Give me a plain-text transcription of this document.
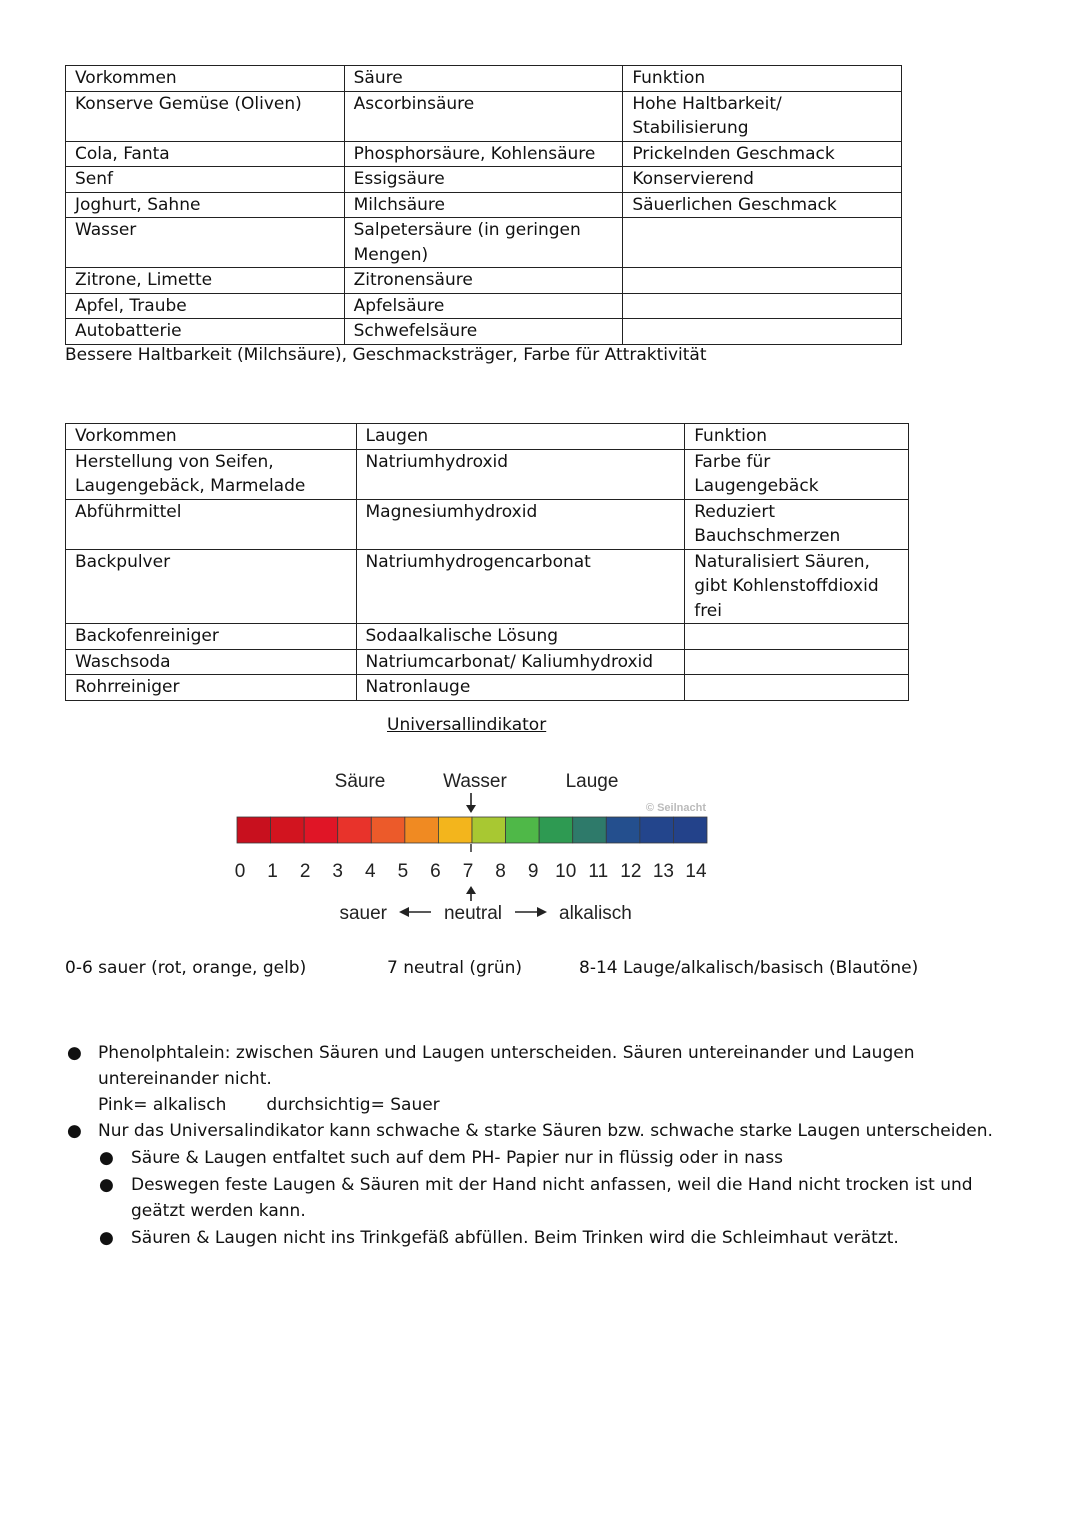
Vorkommen	Säure	Funktion
Konserve Gemüse (Oliven)	Ascorbinsäure	Hohe Haltbarkeit/ Stabilisierung
Cola, Fanta	Phosphorsäure, Kohlensäure	Prickelnden Geschmack
Senf	Essigsäure	Konservierend
Joghurt, Sahne	Milchsäure	Säuerlichen Geschmack
Wasser	Salpetersäure (in geringen Mengen)	
Zitrone, Limette	Zitronensäure	
Apfel, Traube	Apfelsäure	
Autobatterie	Schwefelsäure	
Bessere Haltbarkeit (Milchsäure), Geschmacksträger, Farbe für Attraktivität
Vorkommen	Laugen	Funktion
Herstellung von Seifen, Laugengebäck, Marmelade	Natriumhydroxid	Farbe für Laugengebäck
Abführmittel	Magnesiumhydroxid	Reduziert Bauchschmerzen
Backpulver	Natriumhydrogencarbonat	Naturalisiert Säuren, gibt Kohlenstoffdioxid frei
Backofenreiniger	Sodaalkalische Lösung	
Waschsoda	Natriumcarbonat/ Kaliumhydroxid	
Rohrreiniger	Natronlauge	
Universallindikator
Säure	Wasser	Lauge
© Seilnacht
0 1 2 3 4 5 6 7 8 9 10 11 12 13 14
sauer	neutral	alkalisch
0-6 sauer (rot, orange, gelb)	7 neutral (grün)	8-14 Lauge/alkalisch/basisch (Blautöne)
● Phenolphtalein: zwischen Säuren und Laugen unterscheiden. Säuren untereinander und Laugen untereinander nicht.
Pink= alkalisch durchsichtig= Sauer
● Nur das Universalindikator kann schwache & starke Säuren bzw. schwache starke Laugen unterscheiden.
● Säure & Laugen entfaltet such auf dem PH- Papier nur in flüssig oder in nass
● Deswegen feste Laugen & Säuren mit der Hand nicht anfassen, weil die Hand nicht trocken ist und geätzt werden kann.
● Säuren & Laugen nicht ins Trinkgefäß abfüllen. Beim Trinken wird die Schleimhaut verätzt.
